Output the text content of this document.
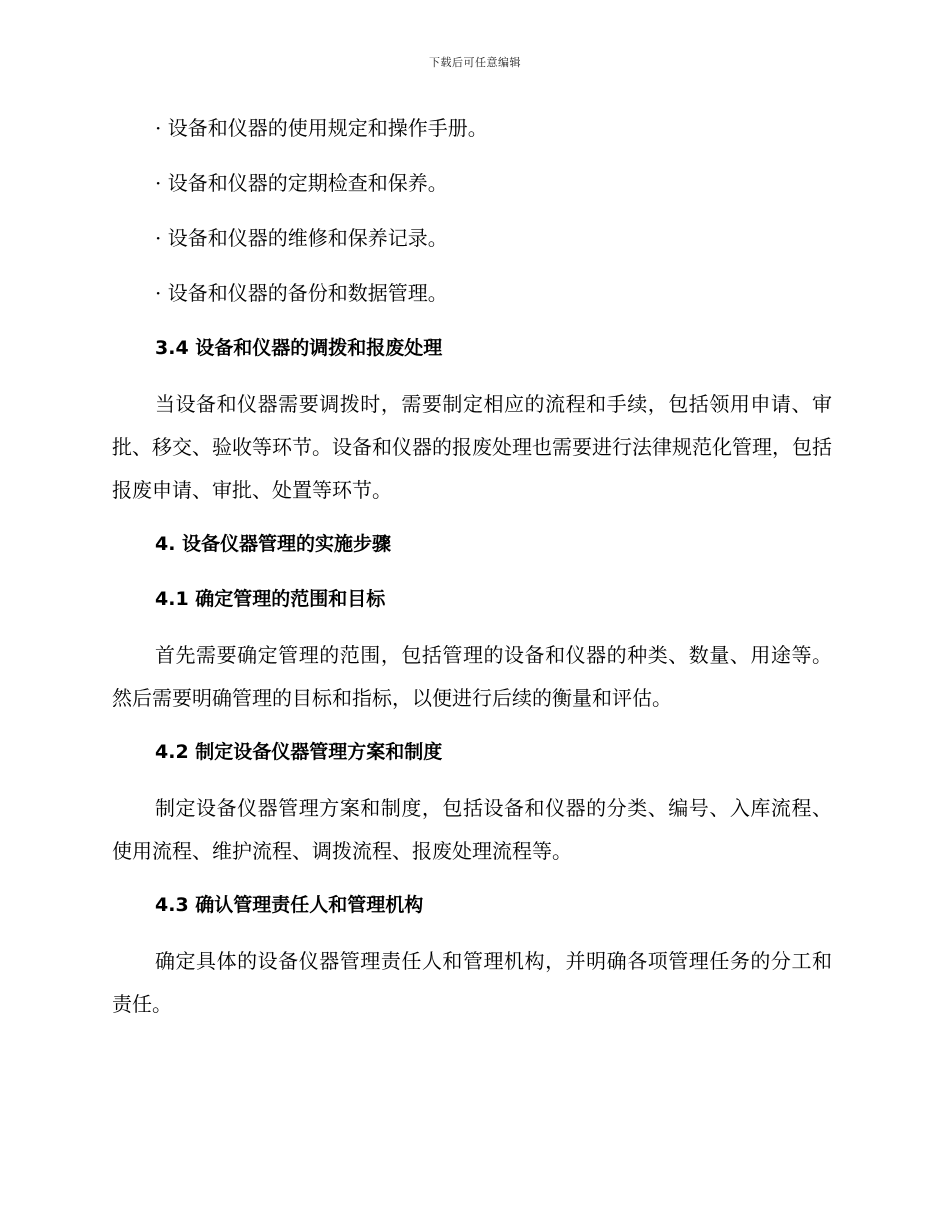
下载后可任意编辑
· 设备和仪器的使用规定和操作手册。
· 设备和仪器的定期检查和保养。
· 设备和仪器的维修和保养记录。
· 设备和仪器的备份和数据管理。
3.4 设备和仪器的调拨和报废处理
当设备和仪器需要调拨时，需要制定相应的流程和手续，包括领用申请、审批、移交、验收等环节。设备和仪器的报废处理也需要进行法律规范化管理，包括报废申请、审批、处置等环节。
4. 设备仪器管理的实施步骤
4.1 确定管理的范围和目标
首先需要确定管理的范围，包括管理的设备和仪器的种类、数量、用途等。然后需要明确管理的目标和指标，以便进行后续的衡量和评估。
4.2 制定设备仪器管理方案和制度
制定设备仪器管理方案和制度，包括设备和仪器的分类、编号、入库流程、使用流程、维护流程、调拨流程、报废处理流程等。
4.3 确认管理责任人和管理机构
确定具体的设备仪器管理责任人和管理机构，并明确各项管理任务的分工和责任。
